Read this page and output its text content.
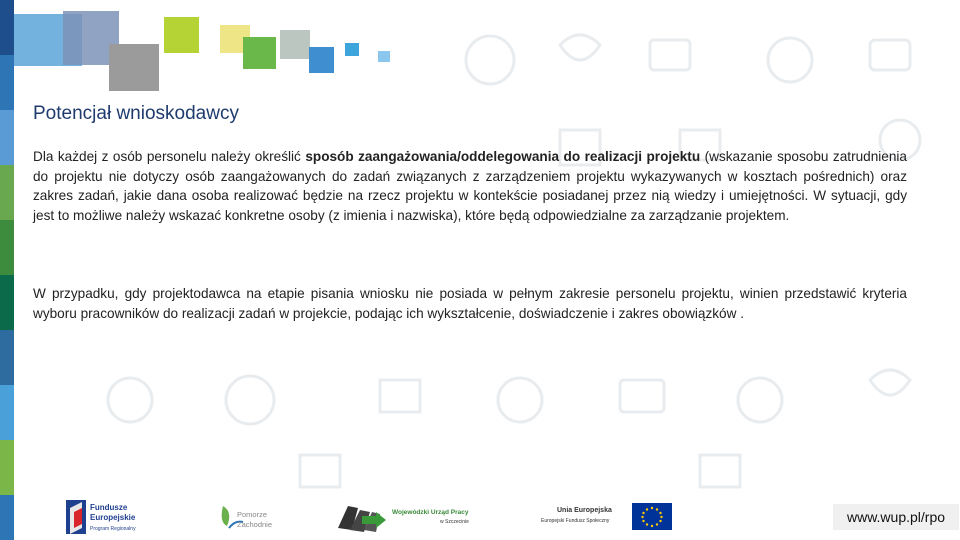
Potencjał wnioskodawcy
Dla każdej z osób personelu należy określić sposób zaangażowania/oddelegowania do realizacji projektu (wskazanie sposobu zatrudnienia do projektu nie dotyczy osób zaangażowanych do zadań związanych z zarządzeniem projektu wykazywanych w kosztach pośrednich) oraz zakres zadań, jakie dana osoba realizować będzie na rzecz projektu w kontekście posiadanej przez nią wiedzy i umiejętności. W sytuacji, gdy jest to możliwe należy wskazać konkretne osoby (z imienia i nazwiska), które będą odpowiedzialne za zarządzanie projektem.
W przypadku, gdy projektodawca na etapie pisania wniosku nie posiada w pełnym zakresie personelu projektu, winien przedstawić kryteria wyboru pracowników do realizacji zadań w projekcie, podając ich wykształcenie, doświadczenie i zakres obowiązków .
Fundusze
Europejskie
Program Regionalny
Pomorze
Zachodnie
Wojewódzki Urząd Pracy
w Szczecinie
Unia Europejska
Europejski Fundusz Społeczny	www.wup.pl/rpo
